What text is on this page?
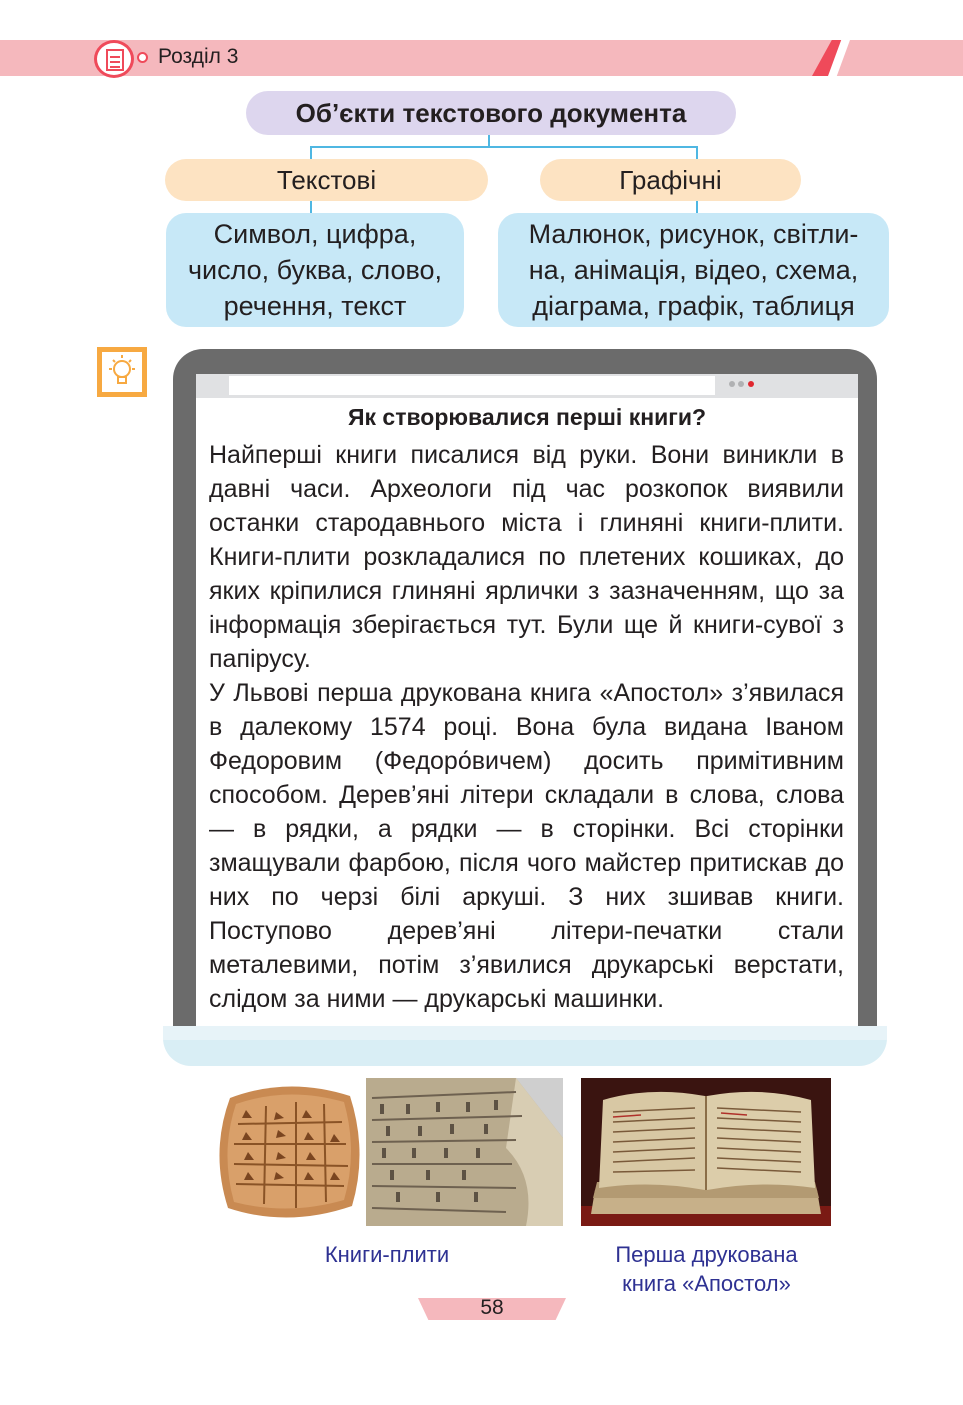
Розділ 3
Об’єкти текстового документа
Текстові	Графічні
Символ, цифра,
число, буква, слово,
речення, текст
Малюнок, рисунок, світли-
на, анімація, відео, схема,
діаграма, графік, таблиця
Як створювалися перші книги?
Найперші книги писалися від руки. Вони виникли в давні часи. Археологи під час розкопок виявили останки стародавнього міста і глиняні книги-плити. Книги-плити розкладалися по плетених кошиках, до яких кріпилися глиняні ярлички з зазначенням, що за інформація зберігається тут. Були ще й книги-сувої з папірусу.
У Львові перша друкована книга «Апостол» з’явилася в далекому 1574 році. Вона була видана Іваном Федоровим (Федоро́вичем) досить примітивним способом. Дерев’яні літери складали в слова, слова — в рядки, а рядки — в сторінки. Всі сторінки змащували фарбою, після чого майстер притискав до них по черзі білі аркуші. З них зшивав книги. Поступово дерев’яні літери-печатки стали металевими, потім з’явилися друкарські верстати, слідом за ними — друкарські машинки.
Книги-плити	Перша друкована
книга «Апостол»
58
